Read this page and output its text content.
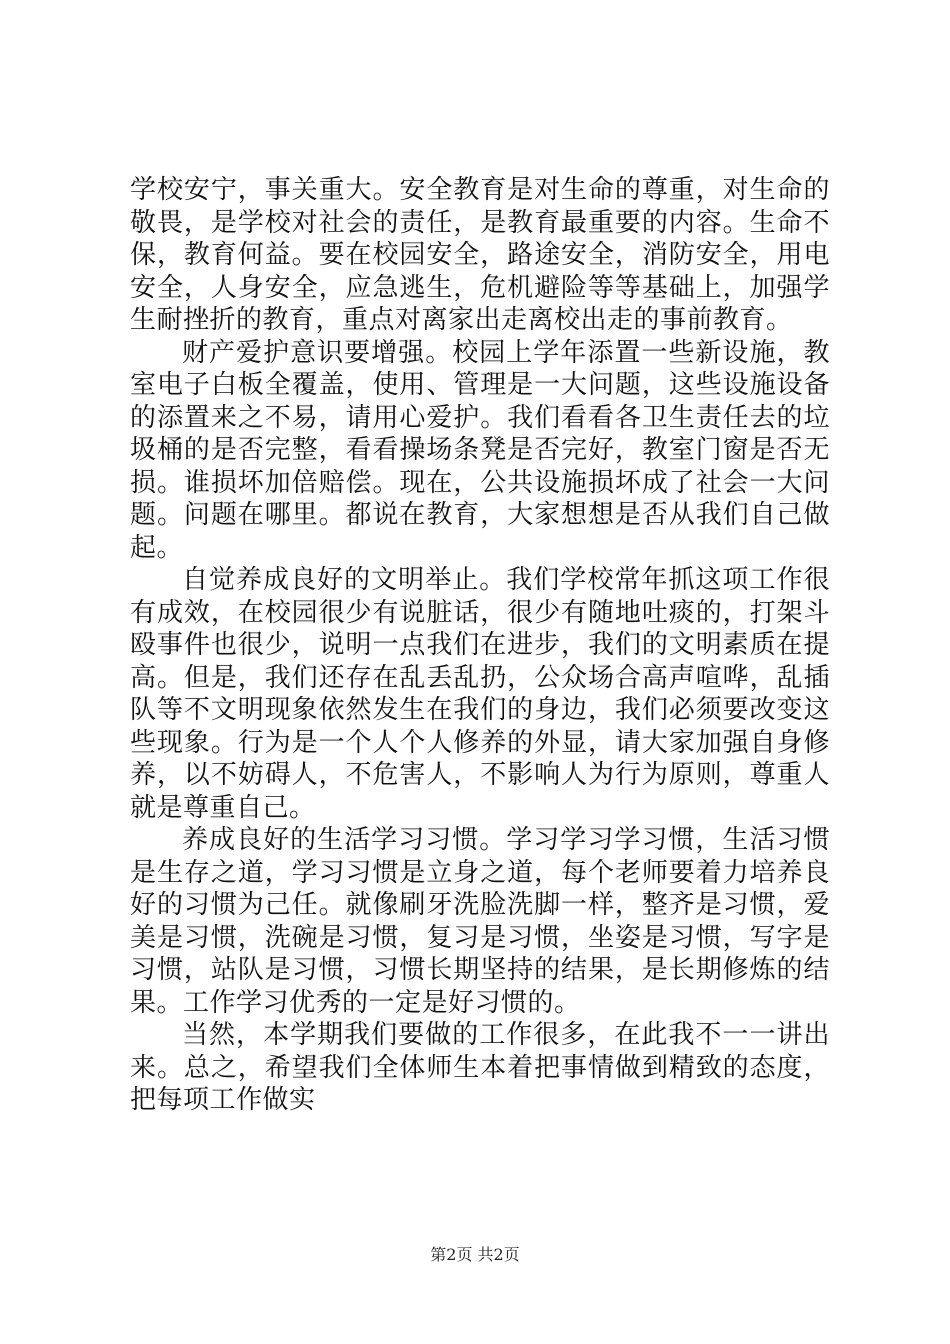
学校安宁，事关重大。安全教育是对生命的尊重，对生命的敬畏，是学校对社会的责任，是教育最重要的内容。生命不保，教育何益。要在校园安全，路途安全，消防安全，用电安全，人身安全，应急逃生，危机避险等等基础上，加强学生耐挫折的教育，重点对离家出走离校出走的事前教育。

财产爱护意识要增强。校园上学年添置一些新设施，教室电子白板全覆盖，使用、管理是一大问题，这些设施设备的添置来之不易，请用心爱护。我们看看各卫生责任去的垃圾桶的是否完整，看看操场条凳是否完好，教室门窗是否无损。谁损坏加倍赔偿。现在，公共设施损坏成了社会一大问题。问题在哪里。都说在教育，大家想想是否从我们自己做起。

自觉养成良好的文明举止。我们学校常年抓这项工作很有成效，在校园很少有说脏话，很少有随地吐痰的，打架斗殴事件也很少，说明一点我们在进步，我们的文明素质在提高。但是，我们还存在乱丢乱扔，公众场合高声喧哗，乱插队等不文明现象依然发生在我们的身边，我们必须要改变这些现象。行为是一个人个人修养的外显，请大家加强自身修养，以不妨碍人，不危害人，不影响人为行为原则，尊重人就是尊重自己。

养成良好的生活学习习惯。学习学习学习惯，生活习惯是生存之道，学习习惯是立身之道，每个老师要着力培养良好的习惯为己任。就像刷牙洗脸洗脚一样，整齐是习惯，爱美是习惯，洗碗是习惯，复习是习惯，坐姿是习惯，写字是习惯，站队是习惯，习惯长期坚持的结果，是长期修炼的结果。工作学习优秀的一定是好习惯的。

当然，本学期我们要做的工作很多，在此我不一一讲出来。总之，希望我们全体师生本着把事情做到精致的态度，把每项工作做实

第2页 共2页
